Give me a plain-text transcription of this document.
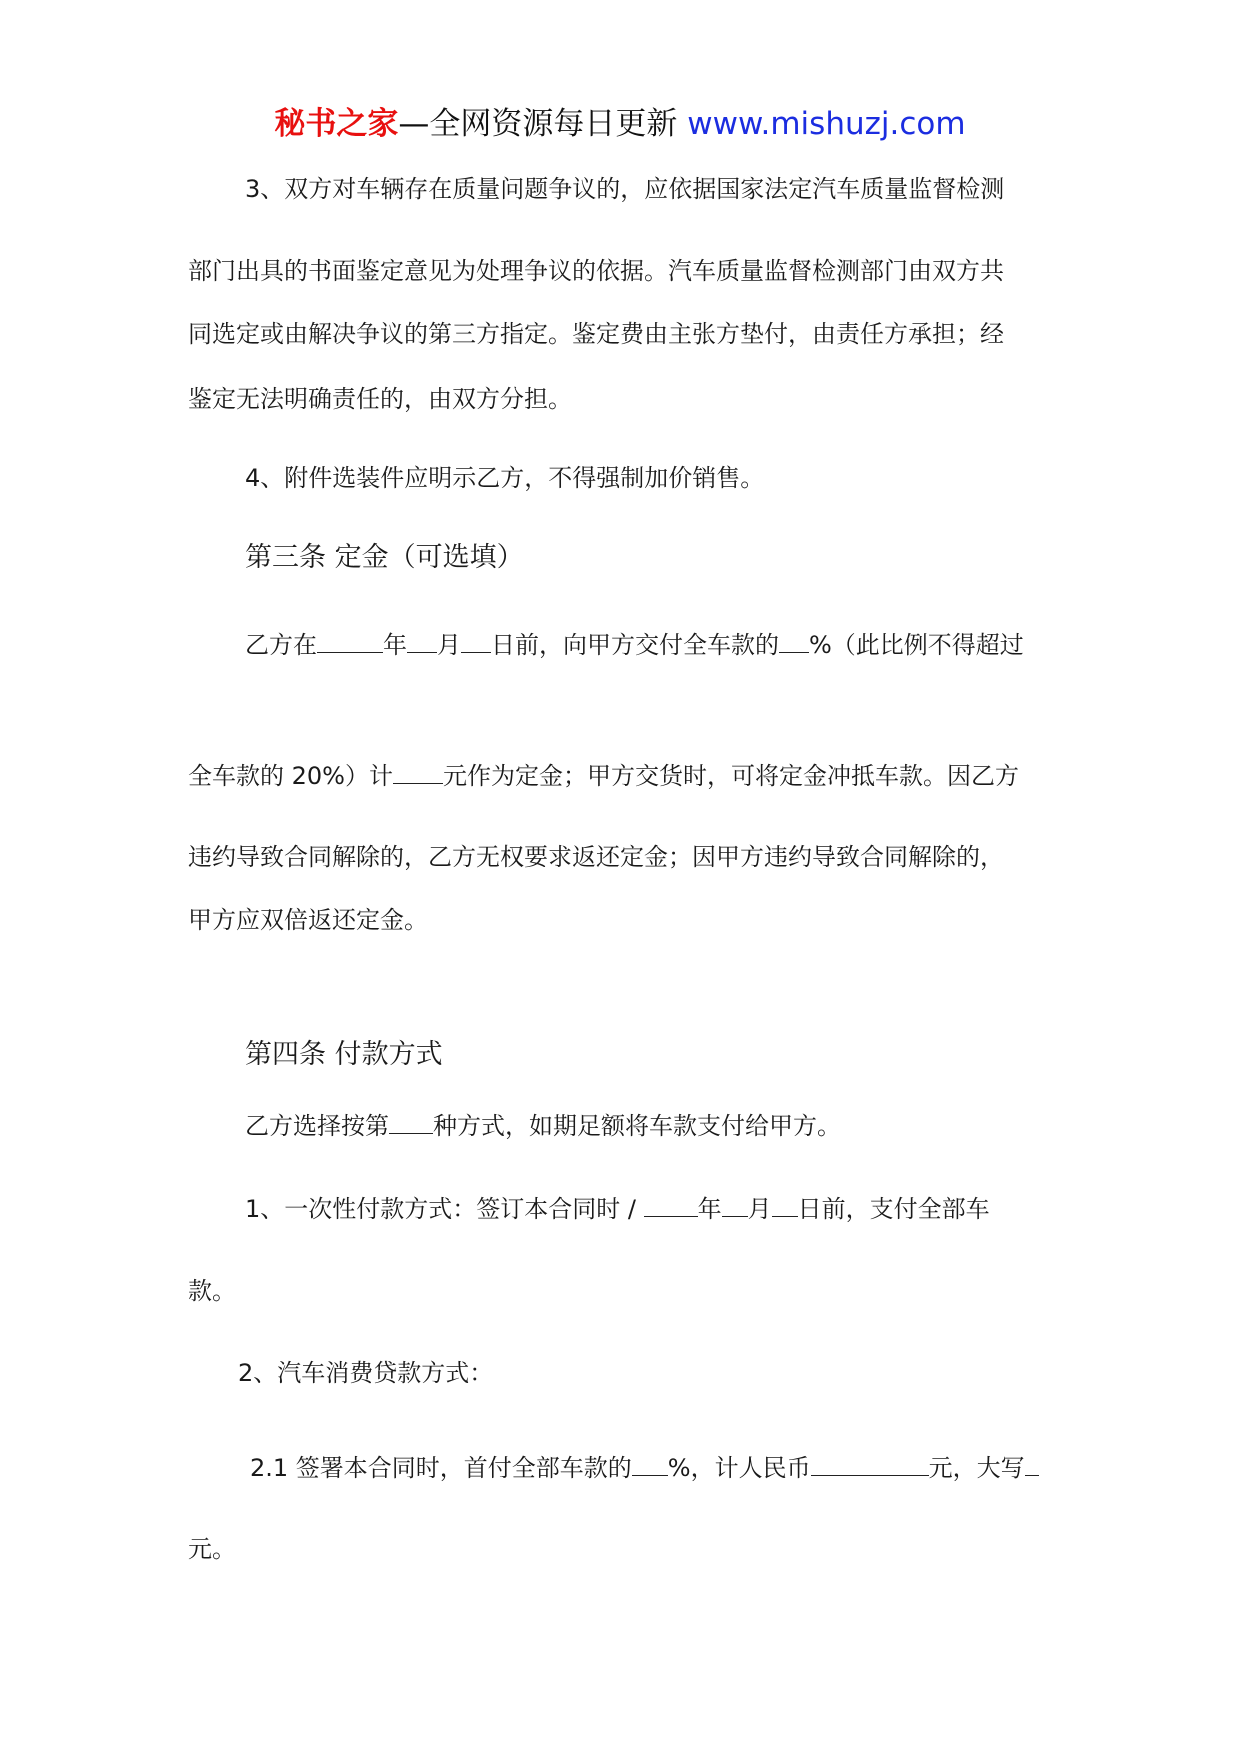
秘书之家—全网资源每日更新 www.mishuzj.com
3、双方对车辆存在质量问题争议的，应依据国家法定汽车质量监督检测
部门出具的书面鉴定意见为处理争议的依据。汽车质量监督检测部门由双方共
同选定或由解决争议的第三方指定。鉴定费由主张方垫付，由责任方承担；经
鉴定无法明确责任的，由双方分担。
4、附件选装件应明示乙方，不得强制加价销售。
第三条 定金（可选填）
乙方在	年 月 日前，向甲方交付全车款的 %（此比例不得超过
全车款的 20%）计 元作为定金；甲方交货时，可将定金冲抵车款。因乙方
违约导致合同解除的，乙方无权要求返还定金；因甲方违约导致合同解除的，
甲方应双倍返还定金。
第四条 付款方式
乙方选择按第 种方式，如期足额将车款支付给甲方。
1、一次性付款方式：签订本合同时 /	年 月 日前，支付全部车
款。
2、汽车消费贷款方式：
2.1 签署本合同时，首付全部车款的 %，计人民币	元，大写
元。
